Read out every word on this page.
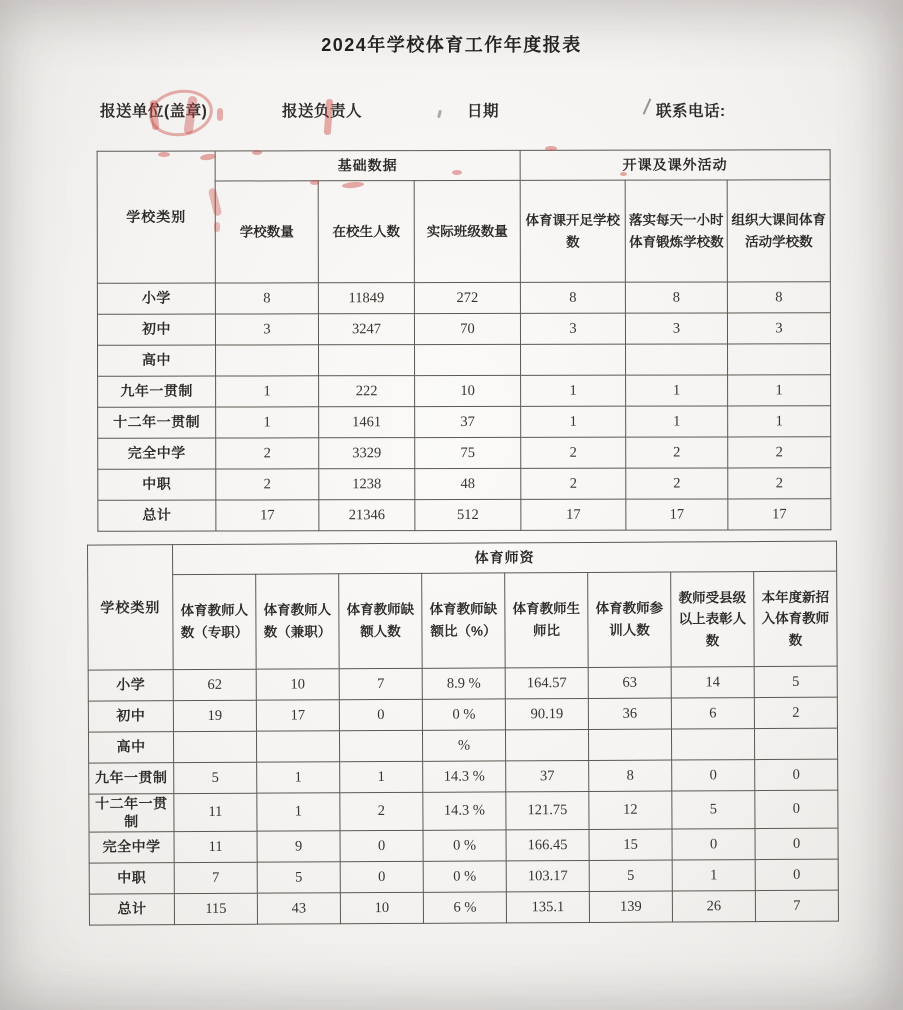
2024年学校体育工作年度报表
报送单位(盖章)	报送负责人	日期	联系电话:
学校类别	基础数据			开课及课外活动		
	学校数量	在校生人数	实际班级数量	体育课开足学校数	落实每天一小时体育锻炼学校数	组织大课间体育活动学校数
小学	8	11849	272	8	8	8
初中	3	3247	70	3	3	3
高中						
九年一贯制	1	222	10	1	1	1
十二年一贯制	1	1461	37	1	1	1
完全中学	2	3329	75	2	2	2
中职	2	1238	48	2	2	2
总计	17	21346	512	17	17	17
学校类别	体育师资							
	体育教师人数（专职）	体育教师人数（兼职）	体育教师缺额人数	体育教师缺额比（%）	体育教师生师比	体育教师参训人数	教师受县级以上表彰人数	本年度新招入体育教师数
小学	62	10	7	8.9 %	164.57	63	14	5
初中	19	17	0	0 %	90.19	36	6	2
高中				%				
九年一贯制	5	1	1	14.3 %	37	8	0	0
十二年一贯制	11	1	2	14.3 %	121.75	12	5	0
完全中学	11	9	0	0 %	166.45	15	0	0
中职	7	5	0	0 %	103.17	5	1	0
总计	115	43	10	6 %	135.1	139	26	7
